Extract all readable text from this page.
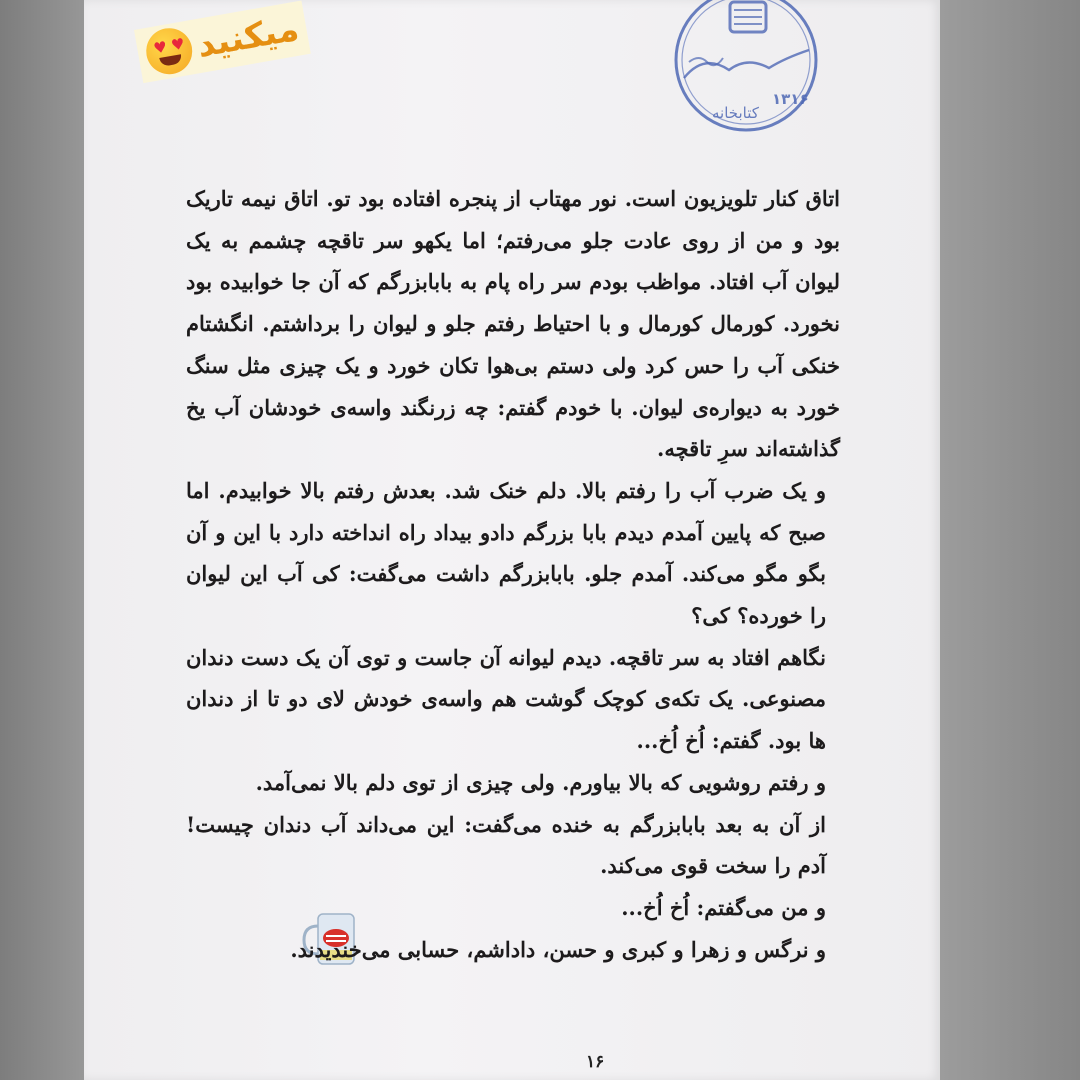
کتابخانه
۱۳۱۶
۱۶
♥ ♥ میکنید

اتاق کنار تلویزیون است. نور مهتاب از پنجره افتاده بود تو. اتاق نیمه تاریک بود و من از روی عادت جلو می‌رفتم؛ اما یکهو سر تاقچه چشمم به یک لیوان آب افتاد. مواظب بودم سر راه پام به بابابزرگم که آن جا خوابیده بود نخورد. کورمال کورمال و با احتیاط رفتم جلو و لیوان را برداشتم. انگشتام خنکی آب را حس کرد ولی دستم بی‌هوا تکان خورد و یک چیزی مثل سنگ خورد به دیواره‌ی لیوان. با خودم گفتم: چه زرنگند واسه‌ی خودشان آب یخ گذاشته‌اند سرِ تاقچه.

و یک ضرب آب را رفتم بالا. دلم خنک شد. بعدش رفتم بالا خوابیدم. اما صبح که پایین آمدم دیدم بابا بزرگم دادو بیداد راه انداخته دارد با این و آن بگو مگو می‌کند. آمدم جلو. بابابزرگم داشت می‌گفت: کی آب این لیوان را خورده؟ کی؟

نگاهم افتاد به سر تاقچه. دیدم لیوانه آن جاست و توی آن یک دست دندان مصنوعی. یک تکه‌ی کوچک گوشت هم واسه‌ی خودش لای دو تا از دندان ها بود. گفتم: اُخ اُخ...

و رفتم روشویی که بالا بیاورم. ولی چیزی از توی دلم بالا نمی‌آمد.

از آن به بعد بابابزرگم به خنده می‌گفت: این می‌داند آب دندان چیست! آدم را سخت قوی می‌کند.

و من می‌گفتم: اُخ اُخ...

و نرگس و زهرا و کبری و حسن، داداشم، حسابی می‌خندیدند.
